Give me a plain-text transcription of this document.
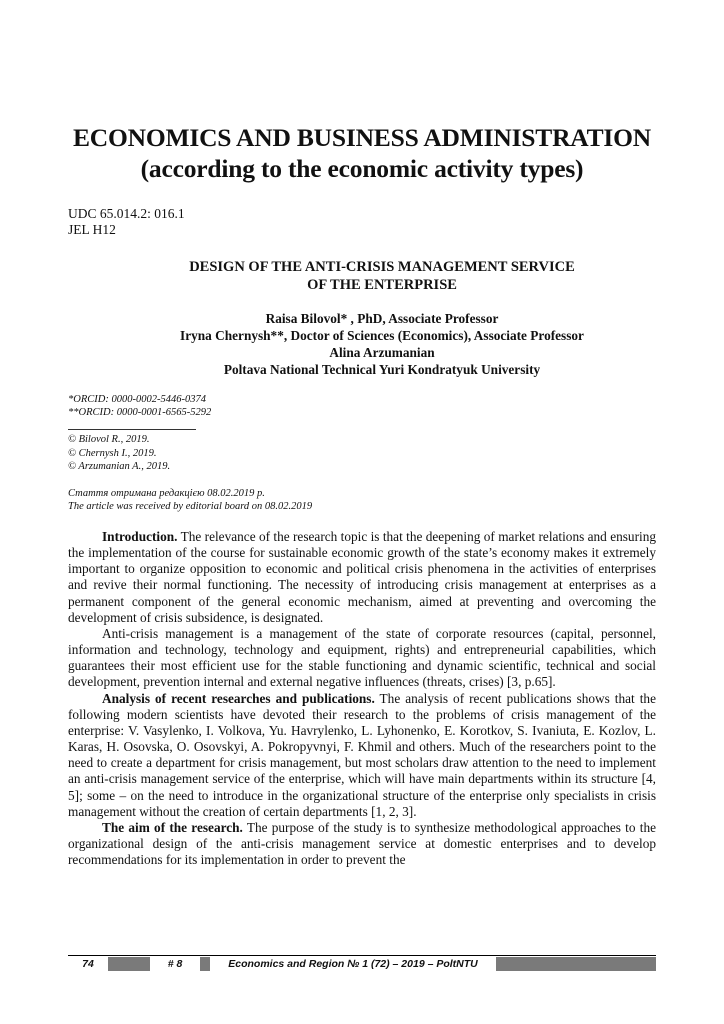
ECONOMICS AND BUSINESS ADMINISTRATION
(according to the economic activity types)
UDC 65.014.2: 016.1
JEL H12
DESIGN OF THE ANTI-CRISIS MANAGEMENT SERVICE
OF THE ENTERPRISE
Raisa Bilovol* , PhD, Associate Professor
Iryna Chernysh**, Doctor of Sciences (Economics), Associate Professor
Alina Arzumanian
Poltava National Technical Yuri Kondratyuk University
*ORCID: 0000-0002-5446-0374
**ORCID: 0000-0001-6565-5292
© Bilovol R., 2019.
© Chernysh I., 2019.
© Arzumanian A., 2019.
Стаття отримана редакцією 08.02.2019 р.
The article was received by editorial board on 08.02.2019

Introduction. The relevance of the research topic is that the deepening of market relations and ensuring the implementation of the course for sustainable economic growth of the state’s economy makes it extremely important to organize opposition to economic and political crisis phenomena in the activities of enterprises and revive their normal functioning. The necessity of introducing crisis management at enterprises as a permanent component of the general economic mechanism, aimed at preventing and overcoming the development of crisis subsidence, is designated.

Anti-crisis management is a management of the state of corporate resources (capital, personnel, information and technology, technology and equipment, rights) and entrepreneurial capabilities, which guarantees their most efficient use for the stable functioning and dynamic scientific, technical and social development, prevention internal and external negative influences (threats, crises) [3, p.65].

Analysis of recent researches and publications. The analysis of recent publications shows that the following modern scientists have devoted their research to the problems of crisis management of the enterprise: V. Vasylenko, I. Volkova, Yu. Havrylenko, L. Lyhonenko, E. Korotkov, S. Ivaniuta, E. Kozlov, L. Karas, H. Osovska, O. Osovskyi, A. Pokropyvnyi, F. Khmil and others. Much of the researchers point to the need to create a department for crisis management, but most scholars draw attention to the need to implement an anti-crisis management service of the enterprise, which will have main departments within its structure [4, 5]; some – on the need to introduce in the organizational structure of the enterprise only specialists in crisis management without the creation of certain departments [1, 2, 3].

The aim of the research. The purpose of the study is to synthesize methodological approaches to the organizational design of the anti-crisis management service at domestic enterprises and to develop recommendations for its implementation in order to prevent the

74	# 8	Economics and Region № 1 (72) – 2019 – PoltNTU
